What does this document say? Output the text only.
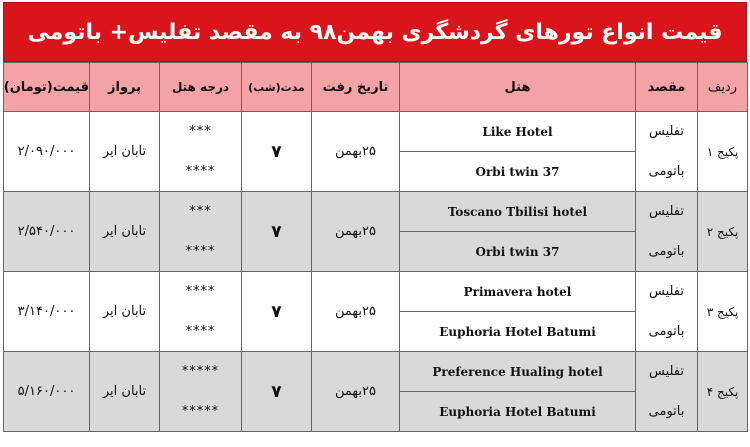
قیمت انواع تورهای گردشگری بهمن۹۸ به مقصد تفلیس+ باتومی
ردیف	مقصد	هتل	تاریخ رفت	مدت(شب)	درجه هتل	پرواز	قیمت(تومان)
پکیج ۱	تفلیس	Like Hotel	۲۵بهمن	۷	***	تابان ایر	۲/۰۹۰/۰۰۰
	باتومی	Orbi twin 37			****		
پکیج ۲	تفلیس	Toscano Tbilisi hotel	۲۵بهمن	۷	***	تابان ایر	۲/۵۴۰/۰۰۰
	باتومی	Orbi twin 37			****		
پکیج ۳	تفلیس	Primavera hotel	۲۵بهمن	۷	****	تابان ایر	۳/۱۴۰/۰۰۰
	باتومی	Euphoria Hotel Batumi			****		
پکیج ۴	تفلیس	Preference Hualing hotel	۲۵بهمن	۷	*****	تابان ایر	۵/۱۶۰/۰۰۰
	باتومی	Euphoria Hotel Batumi			*****		
